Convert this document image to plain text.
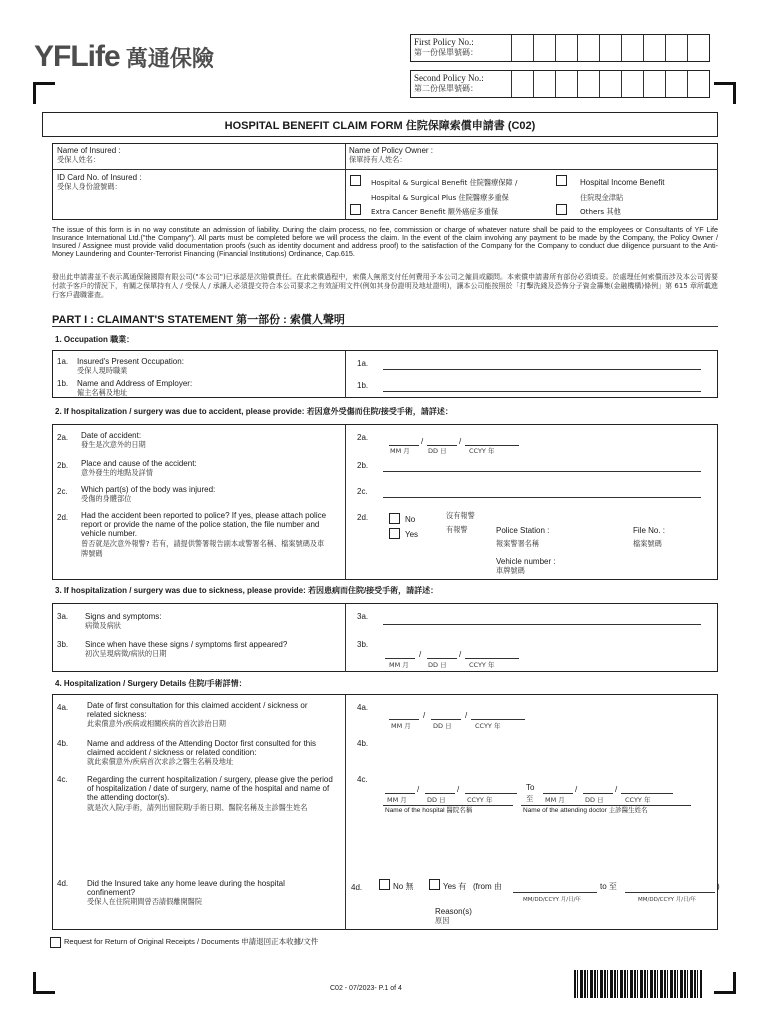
YFLife 萬通保險
First Policy No.:
第一份保單號碼：
Second Policy No.:
第二份保單號碼：
HOSPITAL BENEFIT CLAIM FORM 住院保障索償申請書 (C02)
Name of Insured :
受保人姓名：
Name of Policy Owner :
保單持有人姓名：
ID Card No. of Insured :
受保人身份證號碼：	Hospital & Surgical Benefit 住院醫療保障 /
Hospital & Surgical Plus 住院醫療多重保
Extra Cancer Benefit 額外癌症多重保
Hospital Income Benefit
住院現金津貼
Others 其他
The issue of this form is in no way constitute an admission of liability. During the claim process, no fee, commission or charge of whatever nature shall be paid to the employees or Consultants of YF Life Insurance International Ltd.("the Company"). All parts must be completed before we will process the claim. In the event of the claim involving any payment to be made by the Company, the Policy Owner / Insured / Assignee must provide valid documentation proofs (such as identity document and address proof) to the satisfaction of the Company for the Company to conduct due diligence pursuant to the Anti-Money Laundering and Counter-Terrorist Financing (Financial Institutions) Ordinance, Cap.615.
發出此申請書並不表示萬通保險國際有限公司("本公司")已承認是次賠償責任。在此索償過程中，索償人無需支付任何費用予本公司之僱員或顧問。本索償申請書所有部份必須填妥。於處理任何索償而涉及本公司需要付款予客戶的情況下，有關之保單持有人 / 受保人 / 承讓人必須提交符合本公司要求之有效証明文件(例如其身份證明及地址證明)，讓本公司能按照於「打擊洗錢及恐怖分子資金籌集(金融機構)條例」第 615 章所載進行客戶盡職審查。
PART I : CLAIMANT'S STATEMENT 第一部份 : 索償人聲明
1. Occupation 職業：
1a. Insured's Present Occupation:
受保人現時職業
1b. Name and Address of Employer:
僱主名稱及地址
1a.
1b.
2. If hospitalization / surgery was due to accident, please provide: 若因意外受傷而住院/接受手術，請詳述：
2a. Date of accident:
發生是次意外的日期
2a.	/	/
MM 月	DD 日	CCYY 年
2b. Place and cause of the accident:
意外發生的地點及詳情
2b.
2c. Which part(s) of the body was injured:
受傷的身體部位
2c.
2d. Had the accident been reported to police? If yes, please attach police report or provide the name of the police station, the file number and vehicle number.
曾否就是次意外報警? 若有，請提供警署報告副本或警署名稱、檔案號碼及車牌號碼
2d.	No	沒有報警
Yes
有報警	Police Station :
報案警署名稱
File No. :
檔案號碼
Vehicle number :
車牌號碼
3. If hospitalization / surgery was due to sickness, please provide: 若因患病而住院/接受手術，請詳述：
3a. Signs and symptoms:
病徵及病狀
3a.
3b. Since when have these signs / symptoms first appeared?
初次呈現病徵/病狀的日期
3b.
/	/
MM 月	DD 日	CCYY 年
4. Hospitalization / Surgery Details 住院/手術詳情：
4a. Date of first consultation for this claimed accident / sickness or related sickness:
此索償意外/疾病或相關疾病的首次診治日期
4a.
/	/
MM 月	DD 日	CCYY 年
4b. Name and address of the Attending Doctor first consulted for this claimed accident / sickness or related condition:
就此索償意外/疾病首次求診之醫生名稱及地址
4b.
4c. Regarding the current hospitalization / surgery, please give the period of hospitalization / date of surgery, name of the hospital and name of the attending doctor(s).
就是次入院/手術，請列出留院期/手術日期、醫院名稱及主診醫生姓名
4c.
/	/
MM 月	DD 日	CCYY 年
To
至
/	/
MM 月	DD 日	CCYY 年
Name of the hospital 醫院名稱	Name of the attending doctor 主診醫生姓名
4d. Did the Insured take any home leave during the hospital confinement?
受保人在住院期間曾否請假離開醫院
4d.	No 無	Yes 有 (from 由
MM/DD/CCYY 月/日/年
to 至
MM/DD/CCYY 月/日/年
)
Reason(s)
原因
Request for Return of Original Receipts / Documents 申請退回正本收據/文件
C02 - 07/2023- P.1 of 4
